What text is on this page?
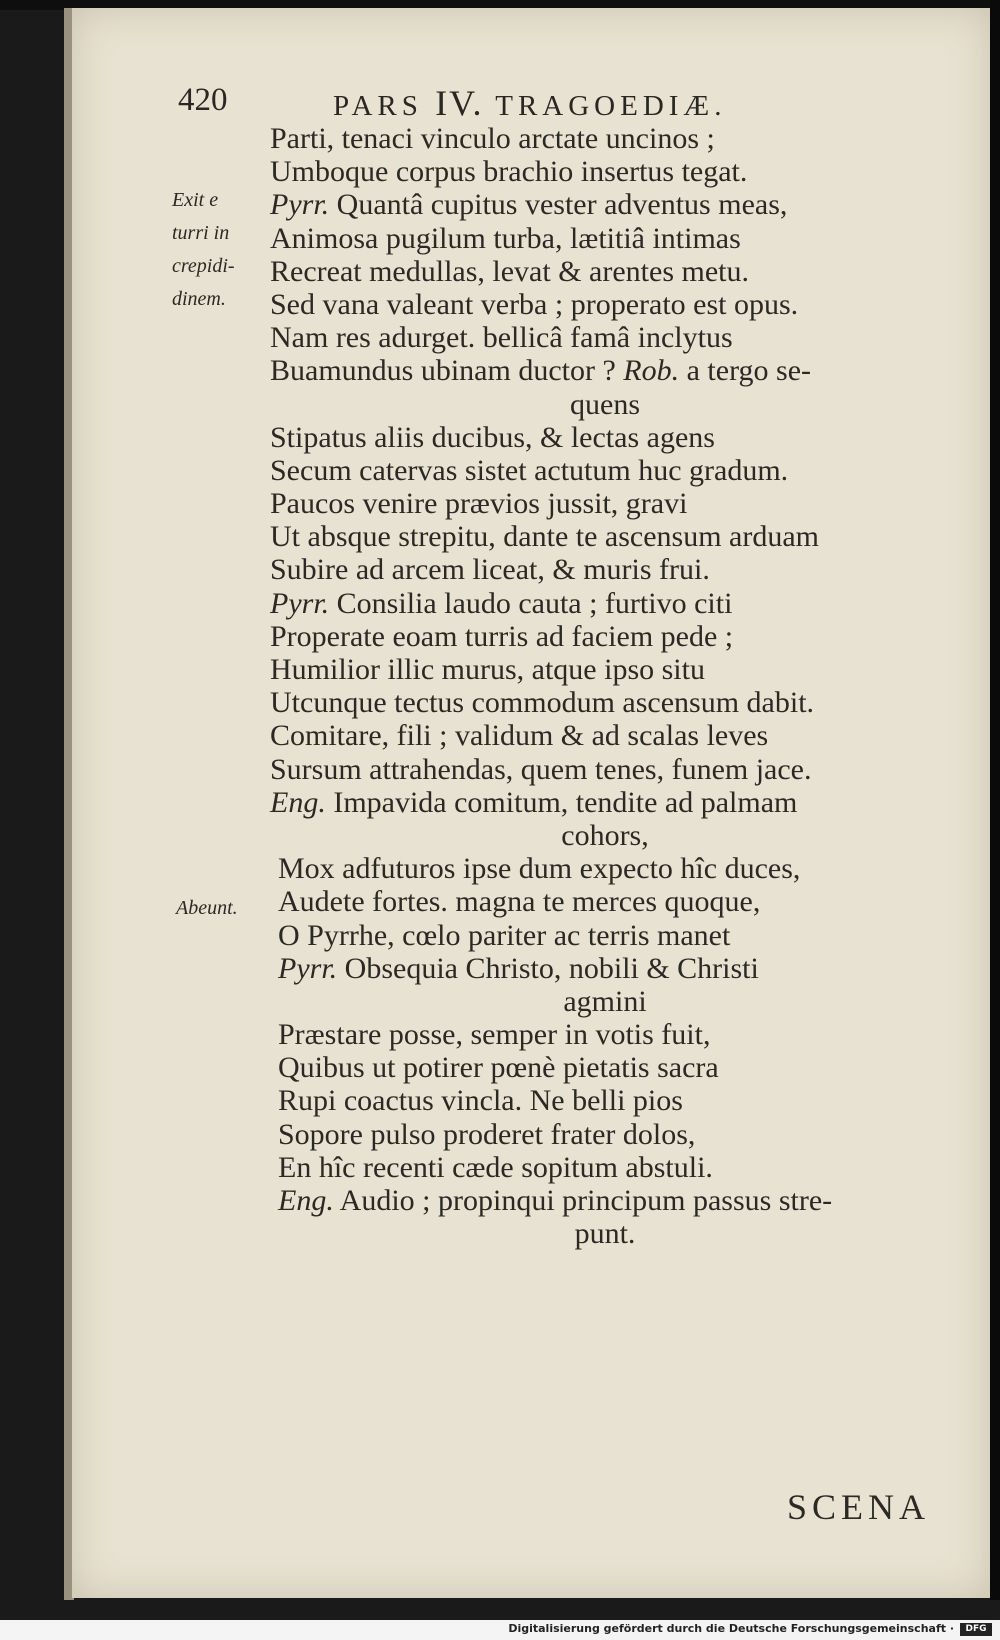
420	PARS IV. TRAGOEDIÆ.
Exit e
turri in
crepidi-
dinem.
Abeunt.
Parti, tenaci vinculo arctate uncinos ;
Umboque corpus brachio insertus tegat.
Pyrr. Quantâ cupitus vester adventus meas,
Animosa pugilum turba, lætitiâ intimas
Recreat medullas, levat & arentes metu.
Sed vana valeant verba ; properato est opus.
Nam res adurget. bellicâ famâ inclytus
Buamundus ubinam ductor ? Rob. a tergo se-
quens
Stipatus aliis ducibus, & lectas agens
Secum catervas sistet actutum huc gradum.
Paucos venire prævios jussit, gravi
Ut absque strepitu, dante te ascensum arduam
Subire ad arcem liceat, & muris frui.
Pyrr. Consilia laudo cauta ; furtivo citi
Properate eoam turris ad faciem pede ;
Humilior illic murus, atque ipso situ
Utcunque tectus commodum ascensum dabit.
Comitare, fili ; validum & ad scalas leves
Sursum attrahendas, quem tenes, funem jace.
Eng. Impavida comitum, tendite ad palmam
cohors,
Mox adfuturos ipse dum expecto hîc duces,
Audete fortes. magna te merces quoque,
O Pyrrhe, cœlo pariter ac terris manet
Pyrr. Obsequia Christo, nobili & Christi
agmini
Præstare posse, semper in votis fuit,
Quibus ut potirer pœnè pietatis sacra
Rupi coactus vincla. Ne belli pios
Sopore pulso proderet frater dolos,
En hîc recenti cæde sopitum abstuli.
Eng. Audio ; propinqui principum passus stre-
punt.
SCENA
Digitalisierung gefördert durch die Deutsche Forschungsgemeinschaft ·	DFG
